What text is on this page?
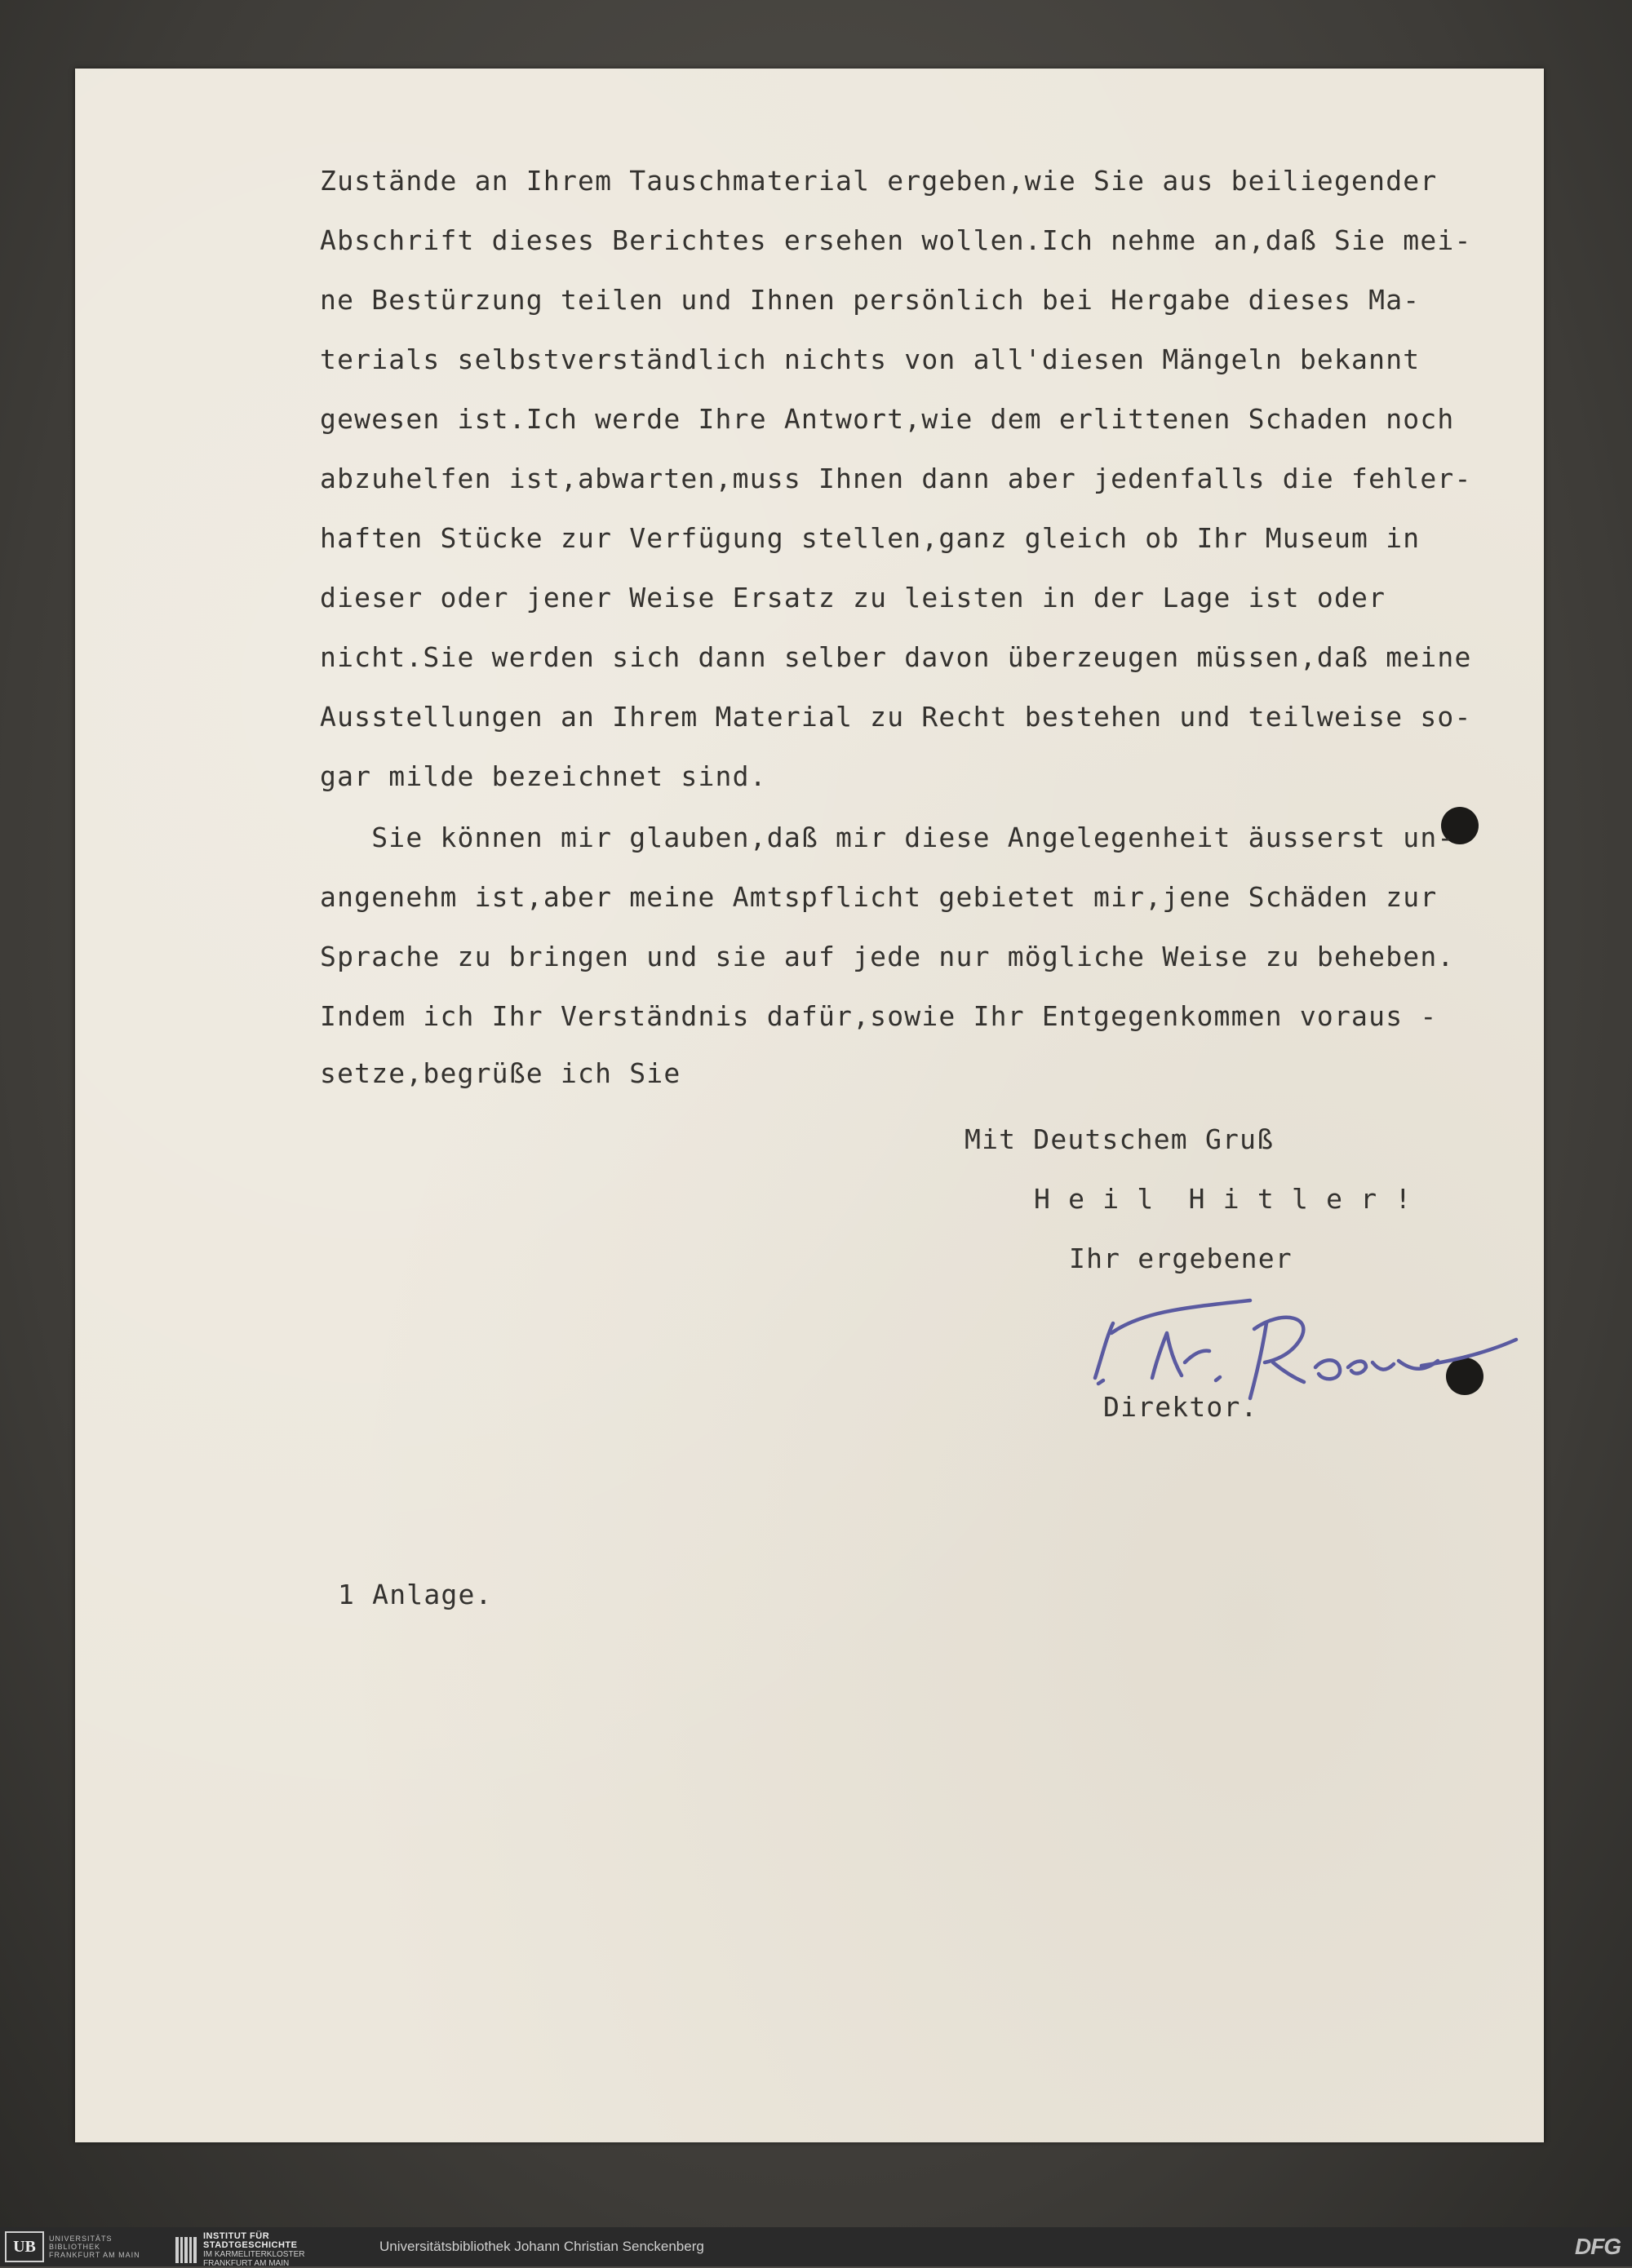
Zustände an Ihrem Tauschmaterial ergeben,wie Sie aus beiliegender
Abschrift dieses Berichtes ersehen wollen.Ich nehme an,daß Sie mei-
ne Bestürzung teilen und Ihnen persönlich bei Hergabe dieses Ma-
terials selbstverständlich nichts von all'diesen Mängeln bekannt
gewesen ist.Ich werde Ihre Antwort,wie dem erlittenen Schaden noch
abzuhelfen ist,abwarten,muss Ihnen dann aber jedenfalls die fehler-
haften Stücke zur Verfügung stellen,ganz gleich ob Ihr Museum in
dieser oder jener Weise Ersatz zu leisten in der Lage ist oder
nicht.Sie werden sich dann selber davon überzeugen müssen,daß meine
Ausstellungen an Ihrem Material zu Recht bestehen und teilweise so-
gar milde bezeichnet sind.
Sie können mir glauben,daß mir diese Angelegenheit äusserst un-
angenehm ist,aber meine Amtspflicht gebietet mir,jene Schäden zur
Sprache zu bringen und sie auf jede nur mögliche Weise zu beheben.
Indem ich Ihr Verständnis dafür,sowie Ihr Entgegenkommen voraus -
setze,begrüße ich Sie
Mit Deutschem Gruß
H e i l  H i t l e r !
Ihr ergebener
Direktor.
1 Anlage.
UB	UNIVERSITÄTS
BIBLIOTHEK
FRANKFURT AM MAIN
INSTITUT FÜR
STADTGESCHICHTE
IM KARMELITERKLOSTER
FRANKFURT AM MAIN
Universitätsbibliothek Johann Christian Senckenberg	DFG
